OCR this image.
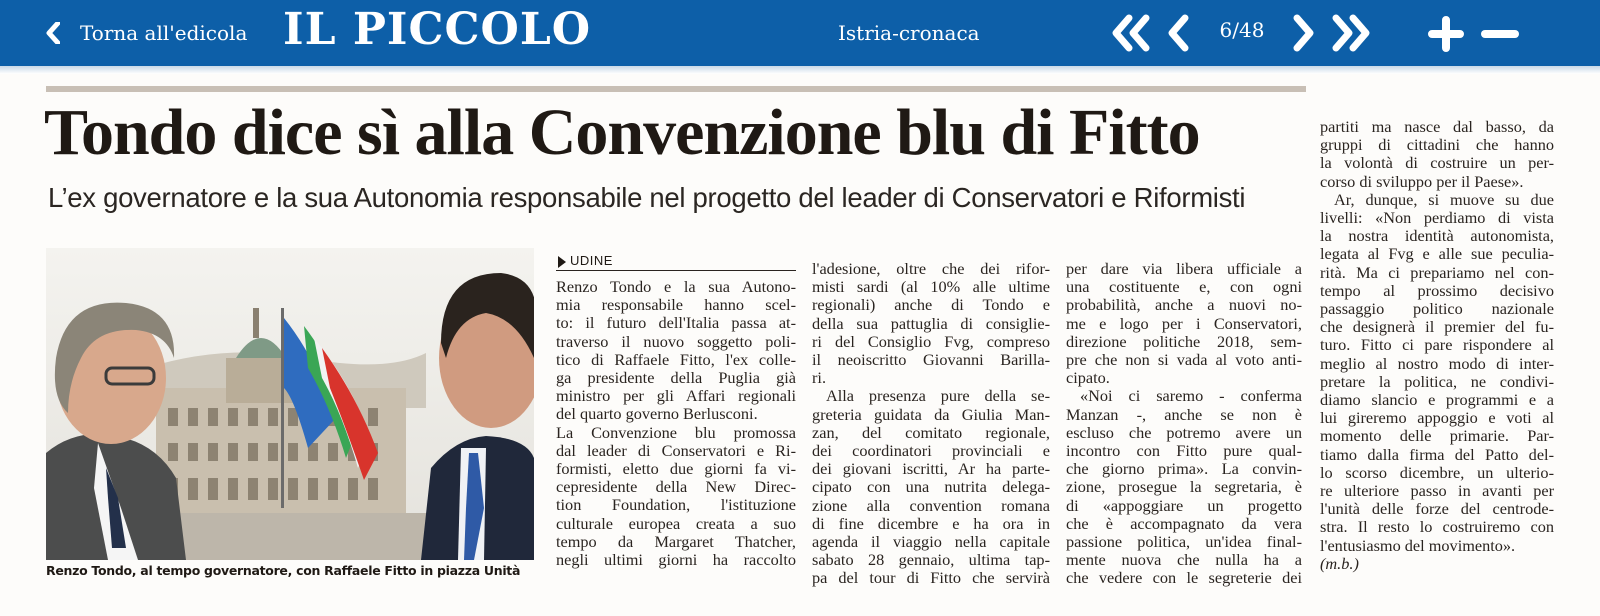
Torna all'edicola IL PICCOLO	Istria-cronaca	6/48
Tondo dice sì alla Convenzione blu di Fitto
L’ex governatore e la sua Autonomia responsabile nel progetto del leader di Conservatori e Riformisti
Renzo Tondo, al tempo governatore, con Raffaele Fitto in piazza Unità
UDINE
Renzo Tondo e la sua Autono-
mia responsabile hanno scel-
to: il futuro dell'Italia passa at-
traverso il nuovo soggetto poli-
tico di Raffaele Fitto, l'ex colle-
ga presidente della Puglia già
ministro per gli Affari regionali
del quarto governo Berlusconi.
La Convenzione blu promossa
dal leader di Conservatori e Ri-
formisti, eletto due giorni fa vi-
cepresidente della New Direc-
tion Foundation, l'istituzione
culturale europea creata a suo
tempo da Margaret Thatcher,
negli ultimi giorni ha raccolto
l'adesione, oltre che dei rifor-
misti sardi (al 10% alle ultime
regionali) anche di Tondo e
della sua pattuglia di consiglie-
ri del Consiglio Fvg, compreso
il neoiscritto Giovanni Barilla-
ri.
Alla presenza pure della se-
greteria guidata da Giulia Man-
zan, del comitato regionale,
dei coordinatori provinciali e
dei giovani iscritti, Ar ha parte-
cipato con una nutrita delega-
zione alla convention romana
di fine dicembre e ha ora in
agenda il viaggio nella capitale
sabato 28 gennaio, ultima tap-
pa del tour di Fitto che servirà
per dare via libera ufficiale a
una costituente e, con ogni
probabilità, anche a nuovi no-
me e logo per i Conservatori,
direzione politiche 2018, sem-
pre che non si vada al voto anti-
cipato.
«Noi ci saremo - conferma
Manzan -, anche se non è
escluso che potremo avere un
incontro con Fitto pure qual-
che giorno prima». La convin-
zione, prosegue la segretaria, è
di «appoggiare un progetto
che è accompagnato da vera
passione politica, un'idea final-
mente nuova che nulla ha a
che vedere con le segreterie dei
partiti ma nasce dal basso, da
gruppi di cittadini che hanno
la volontà di costruire un per-
corso di sviluppo per il Paese».
Ar, dunque, si muove su due
livelli: «Non perdiamo di vista
la nostra identità autonomista,
legata al Fvg e alle sue peculia-
rità. Ma ci prepariamo nel con-
tempo al prossimo decisivo
passaggio politico nazionale
che designerà il premier del fu-
turo. Fitto ci pare rispondere al
meglio al nostro modo di inter-
pretare la politica, ne condivi-
diamo slancio e programmi e a
lui gireremo appoggio e voti al
momento delle primarie. Par-
tiamo dalla firma del Patto del-
lo scorso dicembre, un ulterio-
re ulteriore passo in avanti per
l'unità delle forze del centrode-
stra. Il resto lo costruiremo con
l'entusiasmo del movimento».
(m.b.)
